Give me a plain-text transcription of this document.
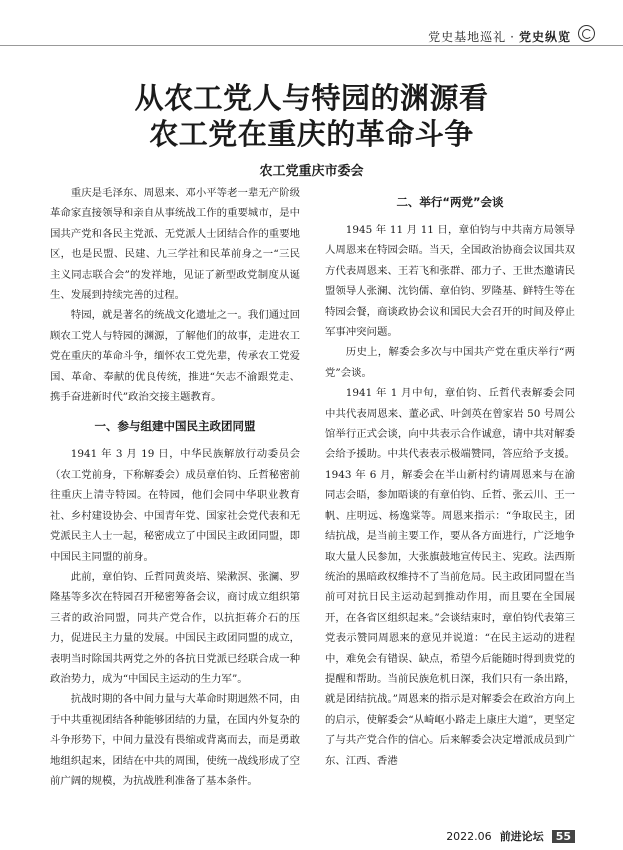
党史基地巡礼 · 党史纵览
从农工党人与特园的渊源看
农工党在重庆的革命斗争
农工党重庆市委会

重庆是毛泽东、周恩来、邓小平等老一辈无产阶级革命家直接领导和亲自从事统战工作的重要城市，是中国共产党和各民主党派、无党派人士团结合作的重要地区，也是民盟、民建、九三学社和民革前身之一“三民主义同志联合会”的发祥地，见证了新型政党制度从诞生、发展到持续完善的过程。

特园，就是著名的统战文化遗址之一。我们通过回顾农工党人与特园的渊源，了解他们的故事，走进农工党在重庆的革命斗争，缅怀农工党先辈，传承农工党爱国、革命、奉献的优良传统，推进“矢志不渝跟党走、携手奋进新时代”政治交接主题教育。

一、参与组建中国民主政团同盟

1941 年 3 月 19 日，中华民族解放行动委员会（农工党前身，下称解委会）成员章伯钧、丘哲秘密前往重庆上清寺特园。在特园，他们会同中华职业教育社、乡村建设协会、中国青年党、国家社会党代表和无党派民主人士一起，秘密成立了中国民主政团同盟，即中国民主同盟的前身。

此前，章伯钧、丘哲同黄炎培、梁漱溟、张澜、罗隆基等多次在特园召开秘密筹备会议，商讨成立组织第三者的政治同盟，同共产党合作，以抗拒蒋介石的压力，促进民主力量的发展。中国民主政团同盟的成立，表明当时除国共两党之外的各抗日党派已经联合成一种政治势力，成为“中国民主运动的生力军”。

抗战时期的各中间力量与大革命时期迥然不同，由于中共重视团结各种能够团结的力量，在国内外复杂的斗争形势下，中间力量没有畏缩或背离而去，而是勇敢地组织起来，团结在中共的周围，使统一战线形成了空前广阔的规模，为抗战胜利准备了基本条件。

二、举行“两党”会谈

1945 年 11 月 11 日，章伯钧与中共南方局领导人周恩来在特园会晤。当天，全国政治协商会议国共双方代表周恩来、王若飞和张群、邵力子、王世杰邀请民盟领导人张澜、沈钧儒、章伯钧、罗隆基、鲜特生等在特园会餐，商谈政协会议和国民大会召开的时间及停止军事冲突问题。

历史上，解委会多次与中国共产党在重庆举行“两党”会谈。

1941 年 1 月中旬，章伯钧、丘哲代表解委会同中共代表周恩来、董必武、叶剑英在曾家岩 50 号周公馆举行正式会谈，向中共表示合作诚意，请中共对解委会给予援助。中共代表表示极端赞同，答应给予支援。1943 年 6 月，解委会在半山新村约请周恩来与在渝同志会晤，参加晤谈的有章伯钧、丘哲、张云川、王一帆、庄明远、杨逸棠等。周恩来指示：“争取民主，团结抗战，是当前主要工作，要从各方面进行，广泛地争取大量人民参加，大张旗鼓地宣传民主、宪政。法西斯统治的黑暗政权维持不了当前危局。民主政团同盟在当前可对抗日民主运动起到推动作用，而且要在全国展开，在各省区组织起来。”会谈结束时，章伯钧代表第三党表示赞同周恩来的意见并说道：“在民主运动的进程中，难免会有错误、缺点，希望今后能随时得到贵党的提醒和帮助。当前民族危机日深，我们只有一条出路，就是团结抗战。”周恩来的指示是对解委会在政治方向上的启示，使解委会“从崎岖小路走上康庄大道”，更坚定了与共产党合作的信心。后来解委会决定增派成员到广东、江西、香港

2022.06 前进论坛 55
